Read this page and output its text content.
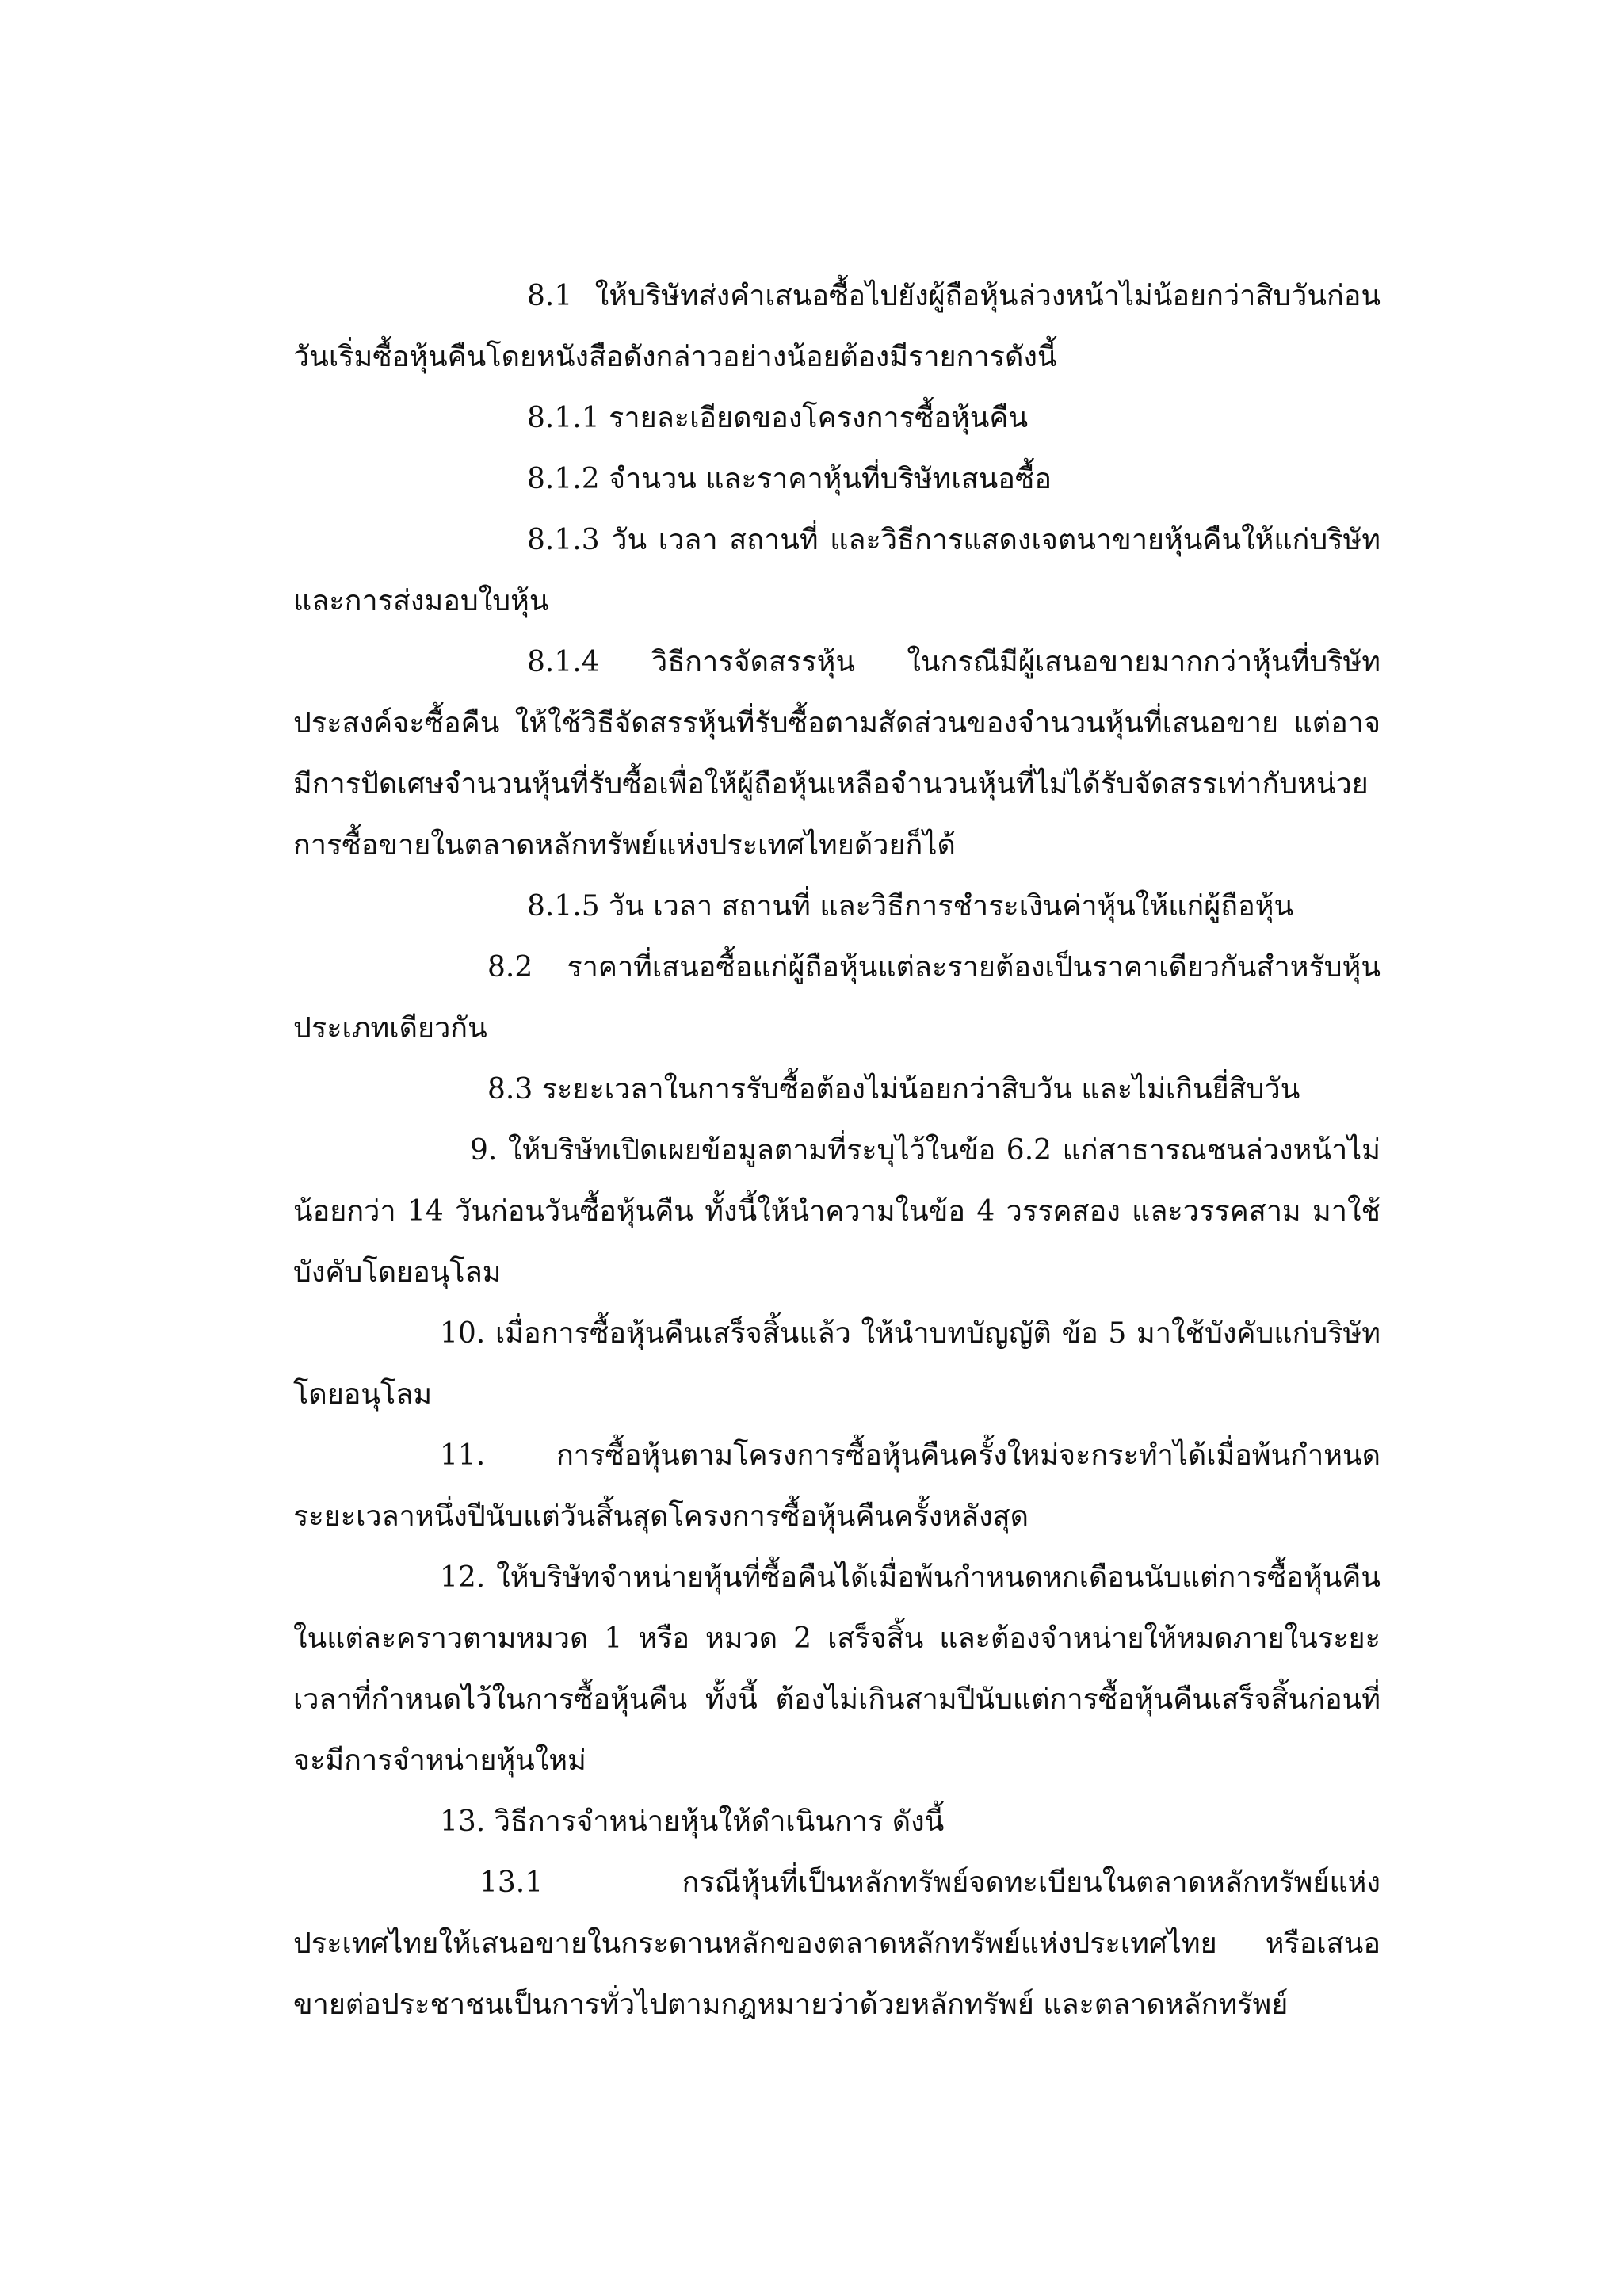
8.1 ให้บริษัทส่งคำเสนอซื้อไปยังผู้ถือหุ้นล่วงหน้าไม่น้อยกว่าสิบวันก่อนวันเริ่มซื้อหุ้นคืนโดยหนังสือดังกล่าวอย่างน้อยต้องมีรายการดังนี้

8.1.1 รายละเอียดของโครงการซื้อหุ้นคืน

8.1.2 จำนวน และราคาหุ้นที่บริษัทเสนอซื้อ

8.1.3 วัน เวลา สถานที่ และวิธีการแสดงเจตนาขายหุ้นคืนให้แก่บริษัท และการส่งมอบใบหุ้น

8.1.4 วิธีการจัดสรรหุ้น ในกรณีมีผู้เสนอขายมากกว่าหุ้นที่บริษัทประสงค์จะซื้อคืน ให้ใช้วิธีจัดสรรหุ้นที่รับซื้อตามสัดส่วนของจำนวนหุ้นที่เสนอขาย แต่อาจมีการปัดเศษจำนวนหุ้นที่รับซื้อเพื่อให้ผู้ถือหุ้นเหลือจำนวนหุ้นที่ไม่ได้รับจัดสรรเท่ากับหน่วยการซื้อขายในตลาดหลักทรัพย์แห่งประเทศไทยด้วยก็ได้

8.1.5 วัน เวลา สถานที่ และวิธีการชำระเงินค่าหุ้นให้แก่ผู้ถือหุ้น

8.2 ราคาที่เสนอซื้อแก่ผู้ถือหุ้นแต่ละรายต้องเป็นราคาเดียวกันสำหรับหุ้นประเภทเดียวกัน

8.3 ระยะเวลาในการรับซื้อต้องไม่น้อยกว่าสิบวัน และไม่เกินยี่สิบวัน

9. ให้บริษัทเปิดเผยข้อมูลตามที่ระบุไว้ในข้อ 6.2 แก่สาธารณชนล่วงหน้าไม่น้อยกว่า 14 วันก่อนวันซื้อหุ้นคืน ทั้งนี้ให้นำความในข้อ 4 วรรคสอง และวรรคสาม มาใช้บังคับโดยอนุโลม

10. เมื่อการซื้อหุ้นคืนเสร็จสิ้นแล้ว ให้นำบทบัญญัติ ข้อ 5 มาใช้บังคับแก่บริษัทโดยอนุโลม

11. การซื้อหุ้นตามโครงการซื้อหุ้นคืนครั้งใหม่จะกระทำได้เมื่อพ้นกำหนดระยะเวลาหนึ่งปีนับแต่วันสิ้นสุดโครงการซื้อหุ้นคืนครั้งหลังสุด

12. ให้บริษัทจำหน่ายหุ้นที่ซื้อคืนได้เมื่อพ้นกำหนดหกเดือนนับแต่การซื้อหุ้นคืนในแต่ละคราวตามหมวด 1 หรือ หมวด 2 เสร็จสิ้น และต้องจำหน่ายให้หมดภายในระยะเวลาที่กำหนดไว้ในการซื้อหุ้นคืน ทั้งนี้ ต้องไม่เกินสามปีนับแต่การซื้อหุ้นคืนเสร็จสิ้นก่อนที่จะมีการจำหน่ายหุ้นใหม่

13. วิธีการจำหน่ายหุ้นให้ดำเนินการ ดังนี้

13.1 กรณีหุ้นที่เป็นหลักทรัพย์จดทะเบียนในตลาดหลักทรัพย์แห่งประเทศไทยให้เสนอขายในกระดานหลักของตลาดหลักทรัพย์แห่งประเทศไทย หรือเสนอขายต่อประชาชนเป็นการทั่วไปตามกฎหมายว่าด้วยหลักทรัพย์ และตลาดหลักทรัพย์
